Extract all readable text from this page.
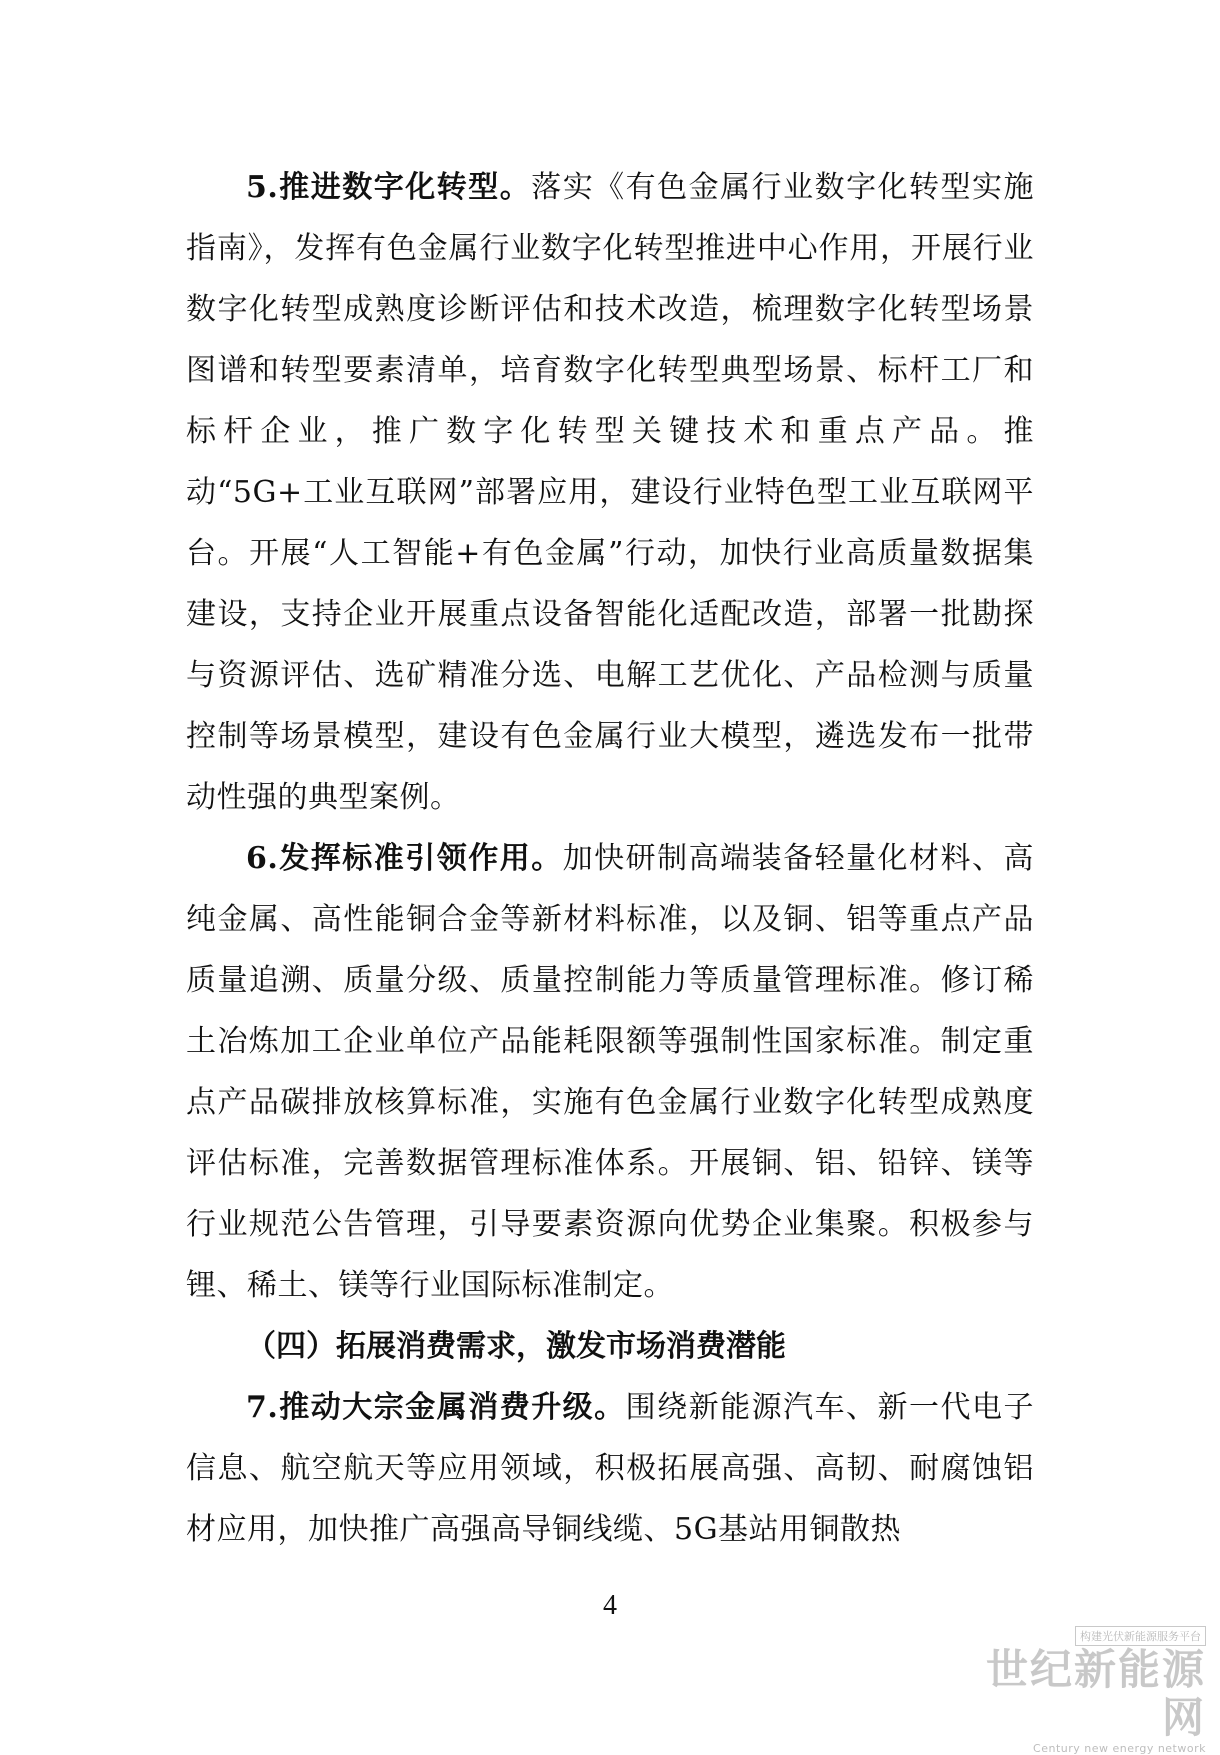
5.推进数字化转型。落实《有色金属行业数字化转型实施指南》，发挥有色金属行业数字化转型推进中心作用，开展行业数字化转型成熟度诊断评估和技术改造，梳理数字化转型场景图谱和转型要素清单，培育数字化转型典型场景、标杆工厂和标杆企业，推广数字化转型关键技术和重点产品。推动“5G+工业互联网”部署应用，建设行业特色型工业互联网平台。开展“人工智能+有色金属”行动，加快行业高质量数据集建设，支持企业开展重点设备智能化适配改造，部署一批勘探与资源评估、选矿精准分选、电解工艺优化、产品检测与质量控制等场景模型，建设有色金属行业大模型，遴选发布一批带动性强的典型案例。

6.发挥标准引领作用。加快研制高端装备轻量化材料、高纯金属、高性能铜合金等新材料标准，以及铜、铝等重点产品质量追溯、质量分级、质量控制能力等质量管理标准。修订稀土冶炼加工企业单位产品能耗限额等强制性国家标准。制定重点产品碳排放核算标准，实施有色金属行业数字化转型成熟度评估标准，完善数据管理标准体系。开展铜、铝、铅锌、镁等行业规范公告管理，引导要素资源向优势企业集聚。积极参与锂、稀土、镁等行业国际标准制定。

（四）拓展消费需求，激发市场消费潜能

7.推动大宗金属消费升级。围绕新能源汽车、新一代电子信息、航空航天等应用领域，积极拓展高强、高韧、耐腐蚀铝材应用，加快推广高强高导铜线缆、5G基站用铜散热

4
构建光伏新能源服务平台
世纪新能源网
Century new energy network
